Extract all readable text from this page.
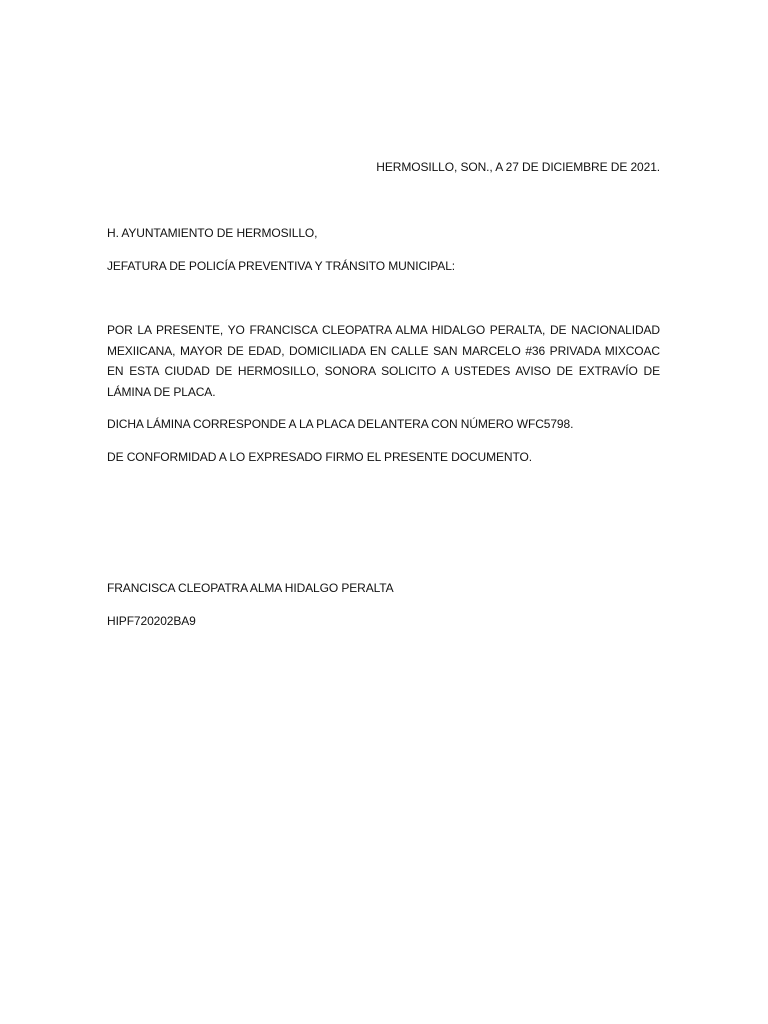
HERMOSILLO, SON., A 27 DE DICIEMBRE DE 2021.
H. AYUNTAMIENTO DE HERMOSILLO,
JEFATURA DE POLICÍA PREVENTIVA Y TRÁNSITO MUNICIPAL:
POR LA PRESENTE, YO FRANCISCA CLEOPATRA ALMA HIDALGO PERALTA, DE NACIONALIDAD MEXIICANA, MAYOR DE EDAD, DOMICILIADA EN CALLE SAN MARCELO #36 PRIVADA MIXCOAC EN ESTA CIUDAD DE HERMOSILLO, SONORA SOLICITO A USTEDES AVISO DE EXTRAVÍO DE LÁMINA DE PLACA.
DICHA LÁMINA CORRESPONDE A LA PLACA DELANTERA CON NÚMERO WFC5798.
DE CONFORMIDAD A LO EXPRESADO FIRMO EL PRESENTE DOCUMENTO.
FRANCISCA CLEOPATRA ALMA HIDALGO PERALTA
HIPF720202BA9
